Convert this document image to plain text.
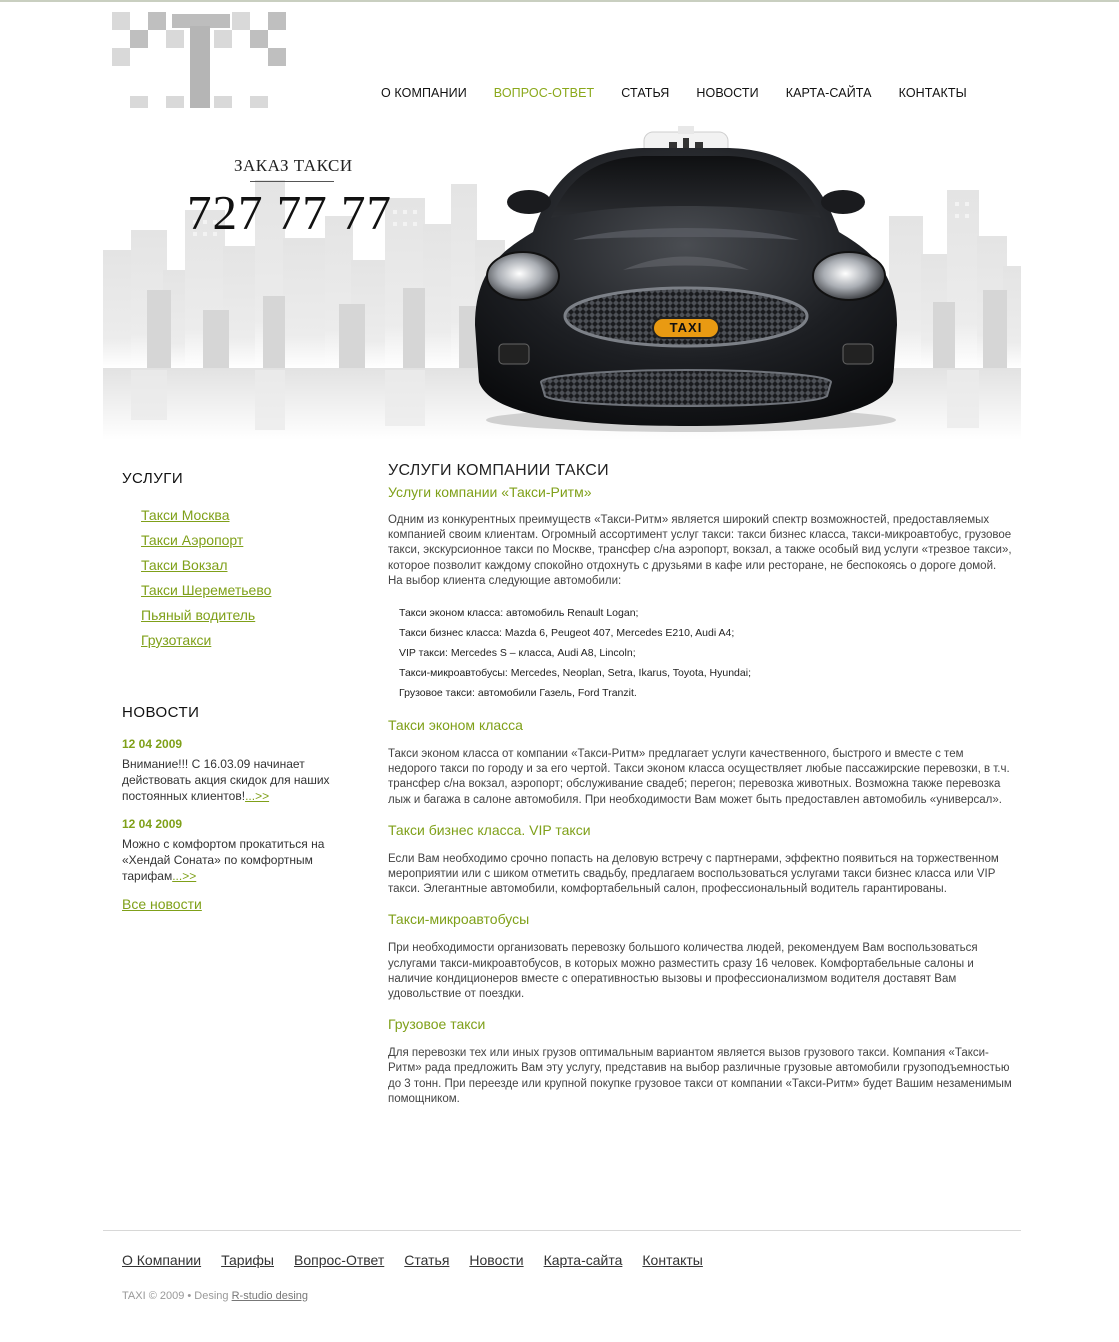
О КОМПАНИИ ВОПРОС-ОТВЕТ СТАТЬЯ НОВОСТИ КАРТА-САЙТА КОНТАКТЫ
TAXI
ЗАКАЗ ТАКСИ
727 77 77
УСЛУГИ
Такси Москва
Такси Аэропорт
Такси Вокзал
Такси Шереметьево
Пьяный водитель
Грузотакси
НОВОСТИ
12 04 2009
Внимание!!! С 16.03.09 начинает действовать акция скидок для наших постоянных клиентов!...>>
12 04 2009
Можно с комфортом прокатиться на «Хендай Соната» по комфортным тарифам...>>
Все новости
УСЛУГИ КОМПАНИИ ТАКСИ
Услуги компании «Такси-Ритм»

Одним из конкурентных преимуществ «Такси-Ритм» является широкий спектр возможностей, предоставляемых компанией своим клиентам. Огромный ассортимент услуг такси: такси бизнес класса, такси-микроавтобус, грузовое такси, экскурсионное такси по Москве, трансфер с/на аэропорт, вокзал, а также особый вид услуги «трезвое такси», которое позволит каждому спокойно отдохнуть с друзьями в кафе или ресторане, не беспокоясь о дороге домой. На выбор клиента следующие автомобили:

Такси эконом класса: автомобиль Renault Logan;
Такси бизнес класса: Mazda 6, Peugeot 407, Mercedes E210, Audi A4;
VIP такси: Mercedes S – класса, Audi A8, Lincoln;
Такси-микроавтобусы: Mercedes, Neoplan, Setra, Ikarus, Toyota, Hyundai;
Грузовое такси: автомобили Газель, Ford Tranzit.
Такси эконом класса

Такси эконом класса от компании «Такси-Ритм» предлагает услуги качественного, быстрого и вместе с тем недорого такси по городу и за его чертой. Такси эконом класса осуществляет любые пассажирские перевозки, в т.ч. трансфер с/на вокзал, аэропорт; обслуживание свадеб; перегон; перевозка животных. Возможна также перевозка лыж и багажа в салоне автомобиля. При необходимости Вам может быть предоставлен автомобиль «универсал».

Такси бизнес класса. VIP такси

Если Вам необходимо срочно попасть на деловую встречу с партнерами, эффектно появиться на торжественном мероприятии или с шиком отметить свадьбу, предлагаем воспользоваться услугами такси бизнес класса или VIP такси. Элегантные автомобили, комфортабельный салон, профессиональный водитель гарантированы.

Такси-микроавтобусы

При необходимости организовать перевозку большого количества людей, рекомендуем Вам воспользоваться услугами такси-микроавтобусов, в которых можно разместить сразу 16 человек. Комфортабельные салоны и наличие кондиционеров вместе с оперативностью вызовы и профессионализмом водителя доставят Вам удовольствие от поездки.

Грузовое такси

Для перевозки тех или иных грузов оптимальным вариантом является вызов грузового такси. Компания «Такси-Ритм» рада предложить Вам эту услугу, представив на выбор различные грузовые автомобили грузоподъемностью до 3 тонн. При переезде или крупной покупке грузовое такси от компании «Такси-Ритм» будет Вашим незаменимым помощником.

О Компании Тарифы Вопрос-Ответ Статья Новости Карта-сайта Контакты
TAXI © 2009 • Desing R-studio desing
